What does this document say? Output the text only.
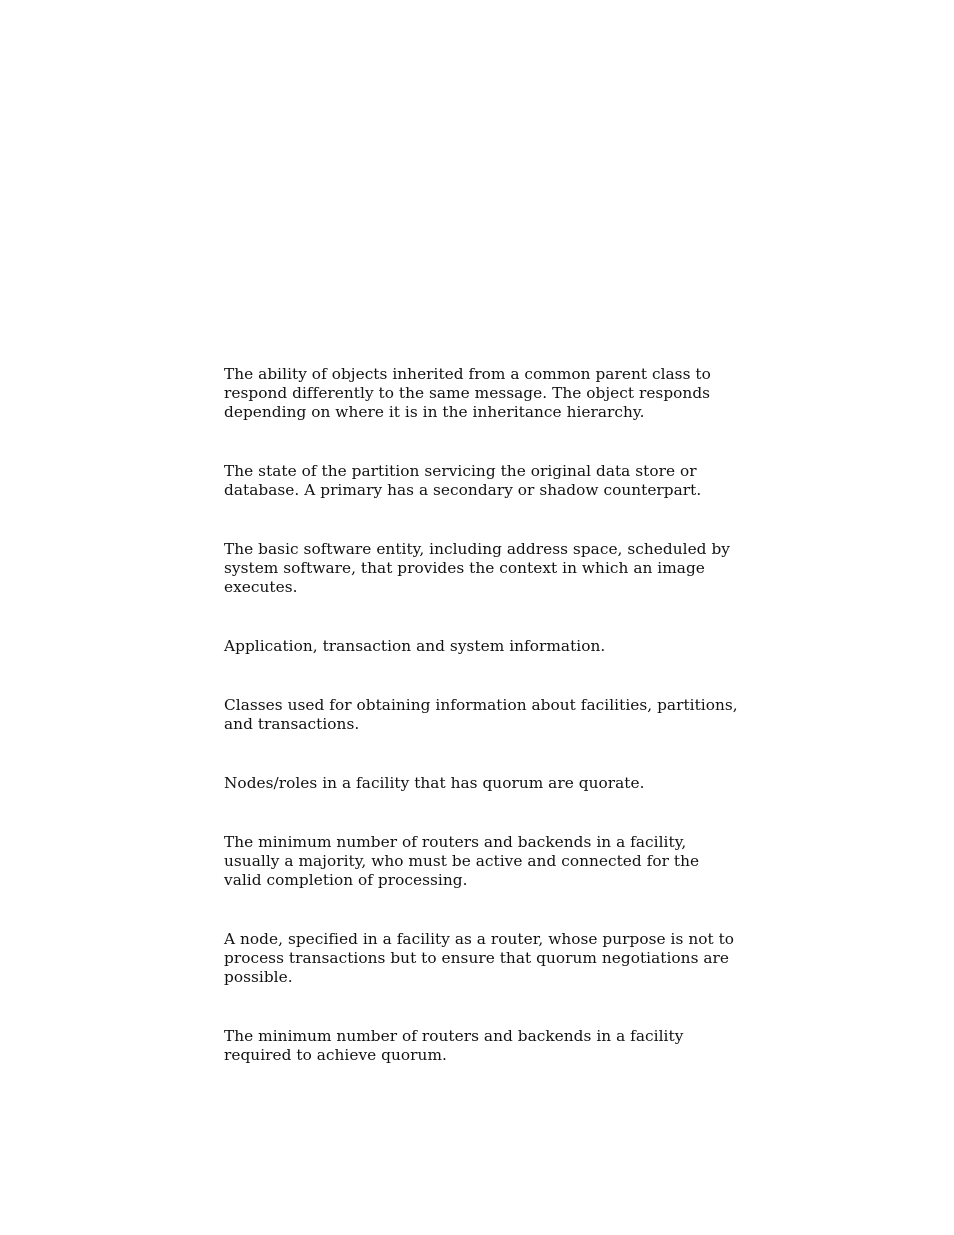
The ability of objects inherited from a common parent class to
respond differently to the same message. The object responds
depending on where it is in the inheritance hierarchy.

The state of the partition servicing the original data store or
database. A primary has a secondary or shadow counterpart.

The basic software entity, including address space, scheduled by
system software, that provides the context in which an image
executes.

Application, transaction and system information.

Classes used for obtaining information about facilities, partitions,
and transactions.

Nodes/roles in a facility that has quorum are quorate.

The minimum number of routers and backends in a facility,
usually a majority, who must be active and connected for the
valid completion of processing.

A node, specified in a facility as a router, whose purpose is not to
process transactions but to ensure that quorum negotiations are
possible.

The minimum number of routers and backends in a facility
required to achieve quorum.
